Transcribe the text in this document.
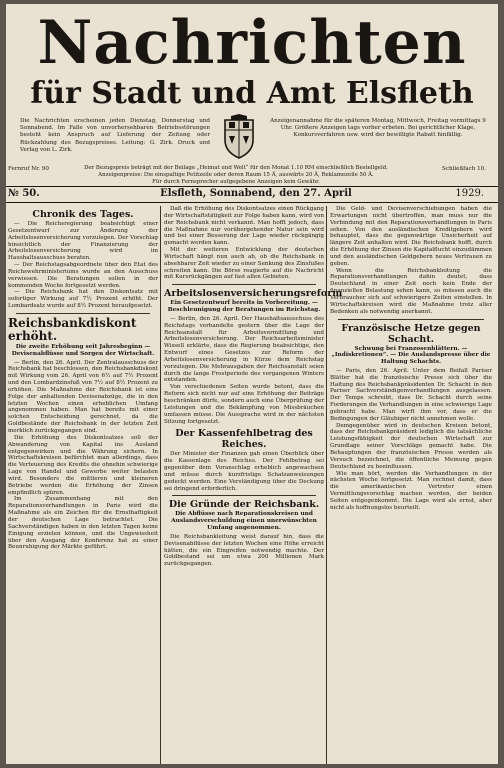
Nachrichten
für Stadt und Amt Elsfleth
Die Nachrichten erscheinen jeden Dienstag, Donnerstag und Sonnabend. Im Falle von unvorhersehbaren Betriebsstörungen besteht kein Anspruch auf Lieferung der Zeitung oder Rückzahlung des Bezugspreises. Leitung: G. Zirk. Druck und Verlag von L. Zirk.
Anzeigenannahme für die späteren Montag, Mittwoch, Freitag vormittags 9 Uhr. Größere Anzeigen tags vorher erbeten. Bei gerichtlicher Klage, Konkursverfahren usw. wird der bewilligte Rabatt hinfällig.
Fernruf Nr. 90	Der Bezugspreis beträgt mit der Beilage „Heimat und Welt“ für den Monat 1.10 RM einschließlich Bestellgeld.
Anzeigenpreise: Die einspaltige Petitzeile oder deren Raum 15 Ä, auswärts 20 Ä, Reklamezeile 50 Ä.
Für durch Fernsprecher aufgegebene Anzeigen kein Gewähr.
Schließfach 10.
№ 50.	Elsfleth, Sonnabend, den 27. April	1929.
Chronik des Tages.

— Die Reichsregierung beabsichtigt einer Gesetzentwurf zur Änderung der Arbeitslosenversicherung vorzulegen. Der Vorschlag hinsichtlich der Finanzierung der Arbeitslosenversicherung wird im Haushaltsausschuss beraten.

— Der Reichstagsabgeordnete über den Etat des Reichswehrministeriums wurde an den Ausschuss verwiesen. Die Beratungen sollen in der kommenden Woche fortgesetzt werden.

— Die Reichsbank hat den Diskontsatz mit sofortiger Wirkung auf 7½ Prozent erhöht. Der Lombardsatz wurde auf 8½ Prozent heraufgesetzt.

Reichsbankdiskont erhöht.
Die zweite Erhöhung seit Jahresbeginn — Devisenabflüsse und Sorgen der Wirtschaft.

— Berlin, den 26. April. Der Zentralausschuss der Reichsbank hat beschlossen, den Reichsbankdiskont mit Wirkung vom 26. April von 6½ auf 7½ Prozent und den Lombardzinsfuß von 7½ auf 8½ Prozent zu erhöhen. Die Maßnahme der Reichsbank ist eine Folge der anhaltenden Devisenabzüge, die in den letzten Wochen einen erheblichen Umfang angenommen haben. Man hat bereits mit einer solchen Entscheidung gerechnet, da die Goldbestände der Reichsbank in der letzten Zeit merklich zurückgegangen sind.

Die Erhöhung des Diskontsatzes soll der Abwanderung von Kapital ins Ausland entgegenwirken und die Währung sichern. In Wirtschaftskreisen befürchtet man allerdings, dass die Verteuerung des Kredits die ohnehin schwierige Lage von Handel und Gewerbe weiter belasten wird. Besonders die mittleren und kleineren Betriebe werden die Erhöhung der Zinsen empfindlich spüren.

Im Zusammenhang mit den Reparationsverhandlungen in Paris wird die Maßnahme als ein Zeichen für die Ernsthaftigkeit der deutschen Lage betrachtet. Die Sachverständigen haben in den letzten Tagen keine Einigung erzielen können, und die Ungewissheit über den Ausgang der Konferenz hat zu einer Beunruhigung der Märkte geführt.

Daß die Erhöhung des Diskontsatzes einen Rückgang der Wirtschaftstätigkeit zur Folge haben kann, wird von der Reichsbank nicht verkannt. Man hofft jedoch, dass die Maßnahme nur vorübergehender Natur sein wird und bei einer Besserung der Lage wieder rückgängig gemacht werden kann.

Mit der weiteren Entwicklung der deutschen Wirtschaft hängt nun auch ab, ob die Reichsbank in absehbarer Zeit wieder zu einer Senkung des Zinsfußes schreiten kann. Die Börse reagierte auf die Nachricht mit Kursrückgängen auf fast allen Gebieten.

Arbeitslosenversicherungsreform
Ein Gesetzentwurf bereits in Vorbereitung. — Beschleunigung der Beratungen im Reichstag.

— Berlin, den 26. April. Der Haushaltsausschuss des Reichstags verhandelte gestern über die Lage der Reichsanstalt für Arbeitsvermittlung und Arbeitslosenversicherung. Der Reichsarbeitsminister Wissell erklärte, dass die Regierung beabsichtige, den Entwurf eines Gesetzes zur Reform der Arbeitslosenversicherung in Kürze dem Reichstag vorzulegen. Die Mehrausgaben der Reichsanstalt seien durch die lange Frostperiode des vergangenen Winters entstanden.

Von verschiedenen Seiten wurde betont, dass die Reform sich nicht nur auf eine Erhöhung der Beiträge beschränken dürfe, sondern auch eine Überprüfung der Leistungen und die Bekämpfung von Missbräuchen umfassen müsse. Die Aussprache wird in der nächsten Sitzung fortgesetzt.

Der Kassenfehlbetrag des Reiches.

Der Minister der Finanzen gab einen Überblick über die Kassenlage des Reiches. Der Fehlbetrag sei gegenüber dem Voranschlag erheblich angewachsen und müsse durch kurzfristige Schatzanweisungen gedeckt werden. Eine Verständigung über die Deckung sei dringend erforderlich.

Die Gründe der Reichsbank.
Die Abflüsse nach Reparationskreisen und Auslandsverschuldung einen unerwünschten Umfang angenommen.

Die Reichsbankleitung weist darauf hin, dass die Devisenabflüsse der letzten Wochen eine Höhe erreicht hätten, die ein Eingreifen notwendig machte. Der Goldbestand sei um etwa 200 Millionen Mark zurückgegangen.

Die Geld- und Devisenverschiebungen haben die Erwartungen nicht übertroffen, man muss nur die Verbindung mit den Reparationsverhandlungen in Paris sehen. Von den ausländischen Kreditgebern wird behauptet, dass die gegenwärtige Unsicherheit auf längere Zeit anhalten wird. Die Reichsbank hofft, durch die Erhöhung der Zinsen die Kapitalflucht einzudämmen und den ausländischen Geldgebern neues Vertrauen zu geben.

Wenn die Reichsbankleitung die Reparationsverhandlungen dahin deutet, dass Deutschland in einer Zeit noch kein Ende der finanziellen Belastung sehen kann, so müssen auch die Verbraucher sich auf schwierigere Zeiten einstellen. In Wirtschaftskreisen wird die Maßnahme trotz aller Bedenken als notwendig anerkannt.

Französische Hetze gegen Schacht.
Schwung bei Franzosenblättern. — „Indiskretionen“. — Die Auslandspresse über die Haltung Schachts.

— Paris, den 26. April. Unter dem Beifall Pariser Blätter hat die französische Presse sich über die Haltung des Reichsbankpräsidenten Dr. Schacht in den Pariser Sachverständigenverhandlungen ausgelassen. Der Temps schreibt, dass Dr. Schacht durch seine Forderungen die Verhandlungen in eine schwierige Lage gebracht habe. Man wirft ihm vor, dass er die Bedingungen der Gläubiger nicht annehmen wolle.

Demgegenüber wird in deutschen Kreisen betont, dass der Reichsbankpräsident lediglich die tatsächliche Leistungsfähigkeit der deutschen Wirtschaft zur Grundlage seiner Vorschläge gemacht habe. Die Behauptungen der französischen Presse werden als Versuch bezeichnet, die öffentliche Meinung gegen Deutschland zu beeinflussen.

Wie man hört, werden die Verhandlungen in der nächsten Woche fortgesetzt. Man rechnet damit, dass die amerikanischen Vertreter einen Vermittlungsvorschlag machen werden, der beiden Seiten entgegenkommt. Die Lage wird als ernst, aber nicht als hoffnungslos beurteilt.
